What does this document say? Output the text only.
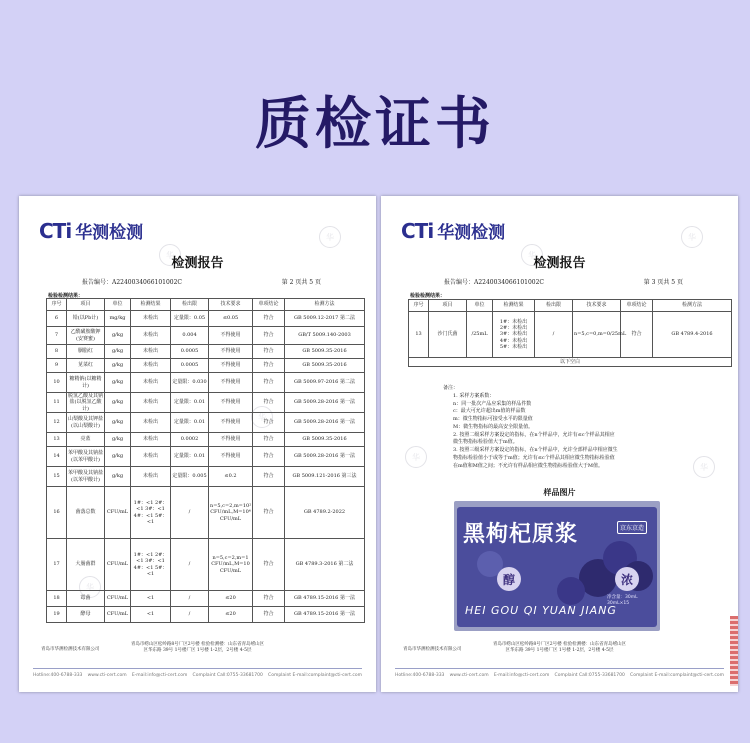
质检证书
华
华
华
华
CTi 华测检测
检测报告
报告编号：A2240034066101002C	第 2 页共 5 页
检验检测结果：
序号	项目	单位	检测结果	检出限	技术要求	单项结论	检测方法
6	铅(以Pb计)	mg/kg	未检出	定量限：0.05	≤0.05	符合	GB 5009.12-2017 第二法
7	乙酰磺胺酸钾(安赛蜜)	g/kg	未检出	0.004	不得使用	符合	GB/T 5009.140-2003
8	胭脂红	g/kg	未检出	0.0005	不得使用	符合	GB 5009.35-2016
9	苋菜红	g/kg	未检出	0.0005	不得使用	符合	GB 5009.35-2016
10	糖精钠(以糖精计)	g/kg	未检出	定量限：0.030	不得使用	符合	GB 5009.97-2016 第二法
11	脱氢乙酸及其钠盐(以脱氢乙酸计)	g/kg	未检出	定量限：0.01	不得使用	符合	GB 5009.28-2016 第一法
12	山梨酸及其钾盐(以山梨酸计)	g/kg	未检出	定量限：0.01	不得使用	符合	GB 5009.28-2016 第一法
13	亮蓝	g/kg	未检出	0.0002	不得使用	符合	GB 5009.35-2016
14	苯甲酸及其钠盐(以苯甲酸计)	g/kg	未检出	定量限：0.01	不得使用	符合	GB 5009.28-2016 第一法
15	苯甲酸及其钠盐(以苯甲酸计)	g/kg	未检出	定量限：0.005	≤0.2	符合	GB 5009.121-2016 第三法
16	菌落总数	CFU/mL	1#：<1 2#：<1 3#：<1 4#：<1 5#：<1	/	n=5,c=2,m=10² CFU/mL,M=10⁴ CFU/mL	符合	GB 4789.2-2022
17	大肠菌群	CFU/mL	1#：<1 2#：<1 3#：<1 4#：<1 5#：<1	/	n=5,c=2,m=1 CFU/mL,M=10 CFU/mL	符合	GB 4789.3-2016 第二法
18	霉菌	CFU/mL	<1	/	≤20	符合	GB 4789.15-2016 第一法
19	酵母	CFU/mL	<1	/	≤20	符合	GB 4789.15-2016 第一法
青岛市崂山区松岭路8号厂区2号楼 检验检测楼：山东省青岛崂山区
区华东路 39号 1号楼厂区 1号楼 1-2层，2号楼 4-5层
青岛市华测检测技术有限公司
Hotline:400-6788-333 www.cti-cert.com E-mail:info@cti-cert.com Complaint Call:0755-33681700 Complaint E-mail:complaint@cti-cert.com
华
华
华
华
CTi 华测检测
检测报告
报告编号：A2240034066101002C	第 3 页共 5 页
检验检测结果：
序号	项目	单位	检测结果	检出限	技术要求	单项结论	检测方法
13	沙门氏菌	/25mL	1#：未检出 2#：未检出 3#：未检出 4#：未检出 5#：未检出	/	n=5,c=0,m=0/25mL	符合	GB 4789.4-2016
以下空白							
备注：
1. 采样方案系数：
n：同一批次产品应采集的样品件数
c：最大可允许超出m值的样品数
m：微生物指标可接受水平的限量值
M：微生物指标的最高安全限量值。
2. 按照二级采样方案设定的指标，在n个样品中，允许有≤c个样品其相应
微生物指标检验值大于m值。
3. 按照三级采样方案设定的指标，在n个样品中，允许全部样品中相应微生
物指标检验值小于或等于m值；允许有≤c个样品其相应微生物指标检验值
在m值和M值之间；不允许有样品相应微生物指标检验值大于M值。
样品图片
黑枸杞原浆	京东京造
醇	浓
净含量：30mL
30mL×15
HEI GOU QI YUAN JIANG
青岛市崂山区松岭路8号厂区2号楼 检验检测楼：山东省青岛崂山区
区华东路 39号 1号楼厂区 1号楼 1-2层，2号楼 4-5层
青岛市华测检测技术有限公司
Hotline:400-6788-333 www.cti-cert.com E-mail:info@cti-cert.com Complaint Call:0755-33681700 Complaint E-mail:complaint@cti-cert.com
